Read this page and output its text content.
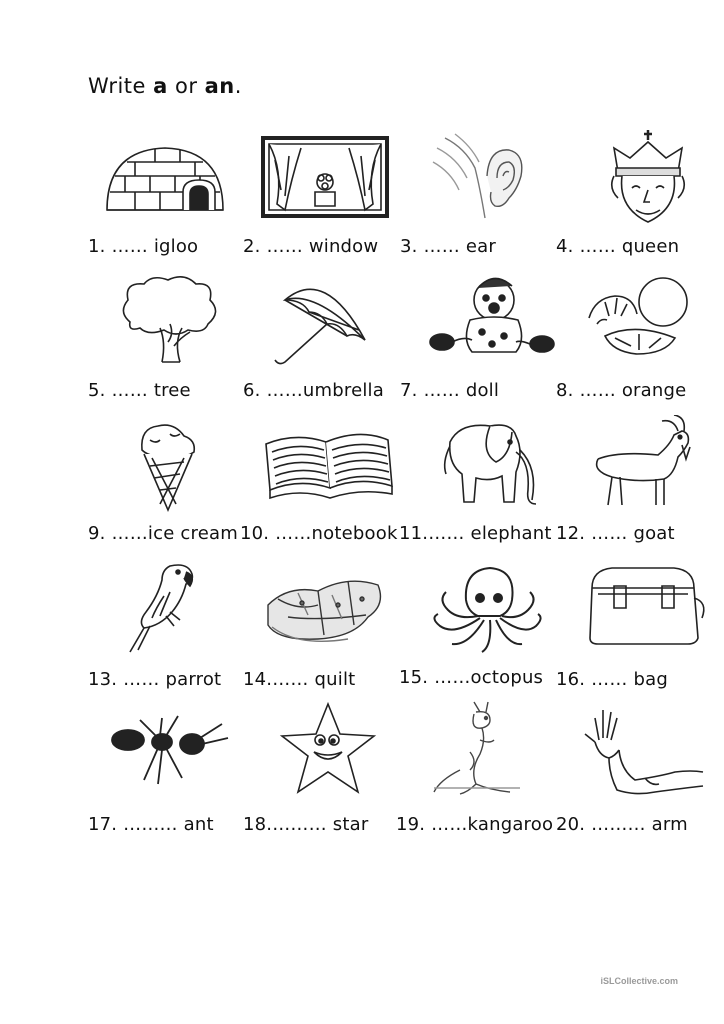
Write a or an.
1. …… igloo 2. …… window 3. …… ear	4. …… queen
5. …… tree	6. ……umbrella 7. …… doll	8. …… orange
9. ……ice cream 10. ……notebook 11.…… elephant 12. …… goat
13. …… parrot 14.…… quilt 15. ……octopus 16. …… bag
17. ……… ant 18.……… star 19. ……kangaroo 20. ……… arm
iSLCollective.com
